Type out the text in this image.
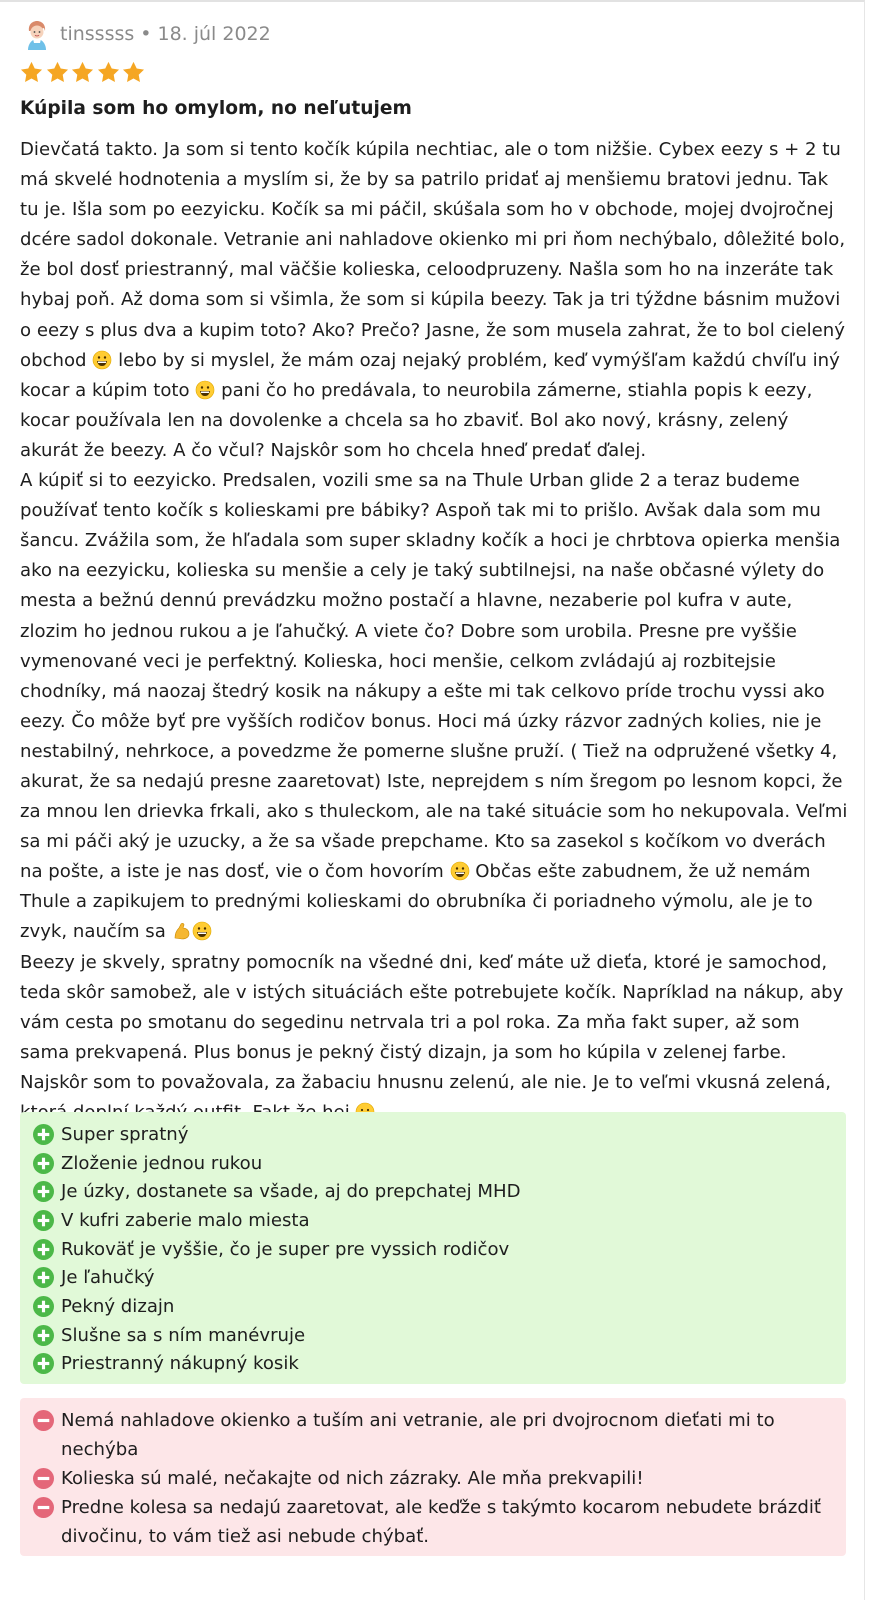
tinsssss • 18. júl 2022
Kúpila som ho omylom, no neľutujem

Dievčatá takto. Ja som si tento kočík kúpila nechtiac, ale o tom nižšie. Cybex eezy s + 2 tu má skvelé hodnotenia a myslím si, že by sa patrilo pridať aj menšiemu bratovi jednu. Tak tu je. Išla som po eezyicku. Kočík sa mi páčil, skúšala som ho v obchode, mojej dvojročnej dcére sadol dokonale. Vetranie ani nahladove okienko mi pri ňom nechýbalo, dôležité bolo, že bol dosť priestranný, mal väčšie kolieska, celoodpruzeny. Našla som ho na inzeráte tak hybaj poň. Až doma som si všimla, že som si kúpila beezy. Tak ja tri týždne básnim mužovi o eezy s plus dva a kupim toto? Ako? Prečo? Jasne, že som musela zahrat, že to bol cielený obchod lebo by si myslel, že mám ozaj nejaký problém, keď vymýšľam každú chvíľu iný kocar a kúpim toto pani čo ho predávala, to neurobila zámerne, stiahla popis k eezy, kocar používala len na dovolenke a chcela sa ho zbaviť. Bol ako nový, krásny, zelený akurát že beezy. A čo včul? Najskôr som ho chcela hneď predať ďalej.

A kúpiť si to eezyicko. Predsalen, vozili sme sa na Thule Urban glide 2 a teraz budeme používať tento kočík s kolieskami pre bábiky? Aspoň tak mi to prišlo. Avšak dala som mu šancu. Zvážila som, že hľadala som super skladny kočík a hoci je chrbtova opierka menšia ako na eezyicku, kolieska su menšie a cely je taký subtilnejsi, na naše občasné výlety do mesta a bežnú dennú prevádzku možno postačí a hlavne, nezaberie pol kufra v aute, zlozim ho jednou rukou a je ľahučký. A viete čo? Dobre som urobila. Presne pre vyššie vymenované veci je perfektný. Kolieska, hoci menšie, celkom zvládajú aj rozbitejsie chodníky, má naozaj štedrý kosik na nákupy a ešte mi tak celkovo príde trochu vyssi ako eezy. Čo môže byť pre vyšších rodičov bonus. Hoci má úzky rázvor zadných kolies, nie je nestabilný, nehrkoce, a povedzme že pomerne slušne pruží. ( Tiež na odpružené všetky 4, akurat, že sa nedajú presne zaaretovat) Iste, neprejdem s ním šregom po lesnom kopci, že za mnou len drievka frkali, ako s thuleckom, ale na také situácie som ho nekupovala. Veľmi sa mi páči aký je uzucky, a že sa všade prepchame. Kto sa zasekol s kočíkom vo dverách na pošte, a iste je nas dosť, vie o čom hovorím Občas ešte zabudnem, že už nemám Thule a zapikujem to prednými kolieskami do obrubníka či poriadneho výmolu, ale je to zvyk, naučím sa

Beezy je skvely, spratny pomocník na všedné dni, keď máte už dieťa, ktoré je samochod, teda skôr samobež, ale v istých situáciách ešte potrebujete kočík. Napríklad na nákup, aby vám cesta po smotanu do segedinu netrvala tri a pol roka. Za mňa fakt super, až som sama prekvapená. Plus bonus je pekný čistý dizajn, ja som ho kúpila v zelenej farbe. Najskôr som to považovala, za žabaciu hnusnu zelenú, ale nie. Je to veľmi vkusná zelená,

Super spratný
Zloženie jednou rukou
Je úzky, dostanete sa všade, aj do prepchatej MHD
V kufri zaberie malo miesta
Rukoväť je vyššie, čo je super pre vyssich rodičov
Je ľahučký
Pekný dizajn
Slušne sa s ním manévruje
Priestranný nákupný kosik
Nemá nahladove okienko a tuším ani vetranie, ale pri dvojrocnom dieťati mi to nechýba
Kolieska sú malé, nečakajte od nich zázraky. Ale mňa prekvapili!
Predne kolesa sa nedajú zaaretovat, ale keďže s takýmto kocarom nebudete brázdiť divočinu, to vám tiež asi nebude chýbať.
